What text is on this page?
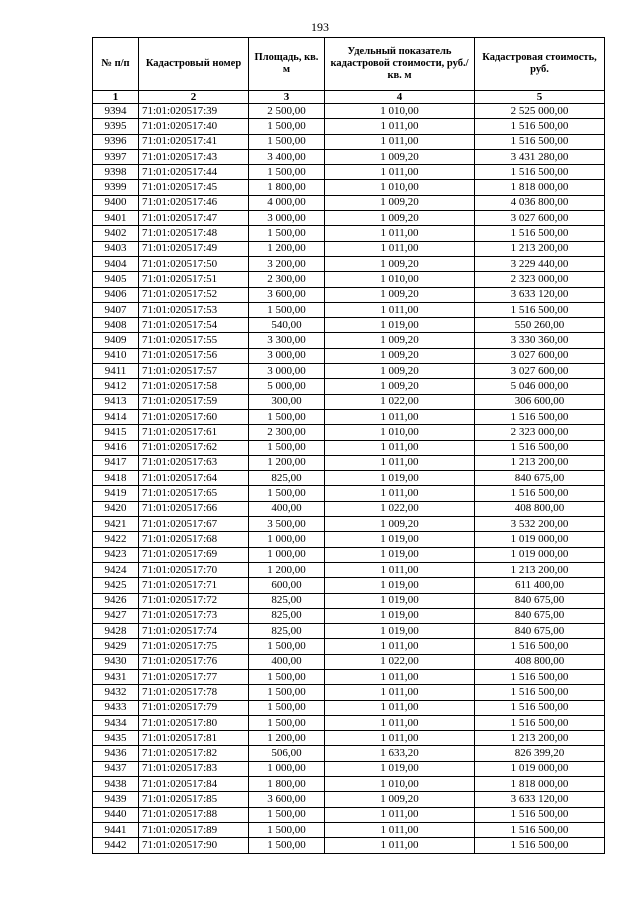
193
№ п/п	Кадастровый номер	Площадь, кв. м	Удельный показатель кадастровой стоимости, руб./кв. м	Кадастровая стоимость, руб.
1	2	3	4	5
9394	71:01:020517:39	2 500,00	1 010,00	2 525 000,00
9395	71:01:020517:40	1 500,00	1 011,00	1 516 500,00
9396	71:01:020517:41	1 500,00	1 011,00	1 516 500,00
9397	71:01:020517:43	3 400,00	1 009,20	3 431 280,00
9398	71:01:020517:44	1 500,00	1 011,00	1 516 500,00
9399	71:01:020517:45	1 800,00	1 010,00	1 818 000,00
9400	71:01:020517:46	4 000,00	1 009,20	4 036 800,00
9401	71:01:020517:47	3 000,00	1 009,20	3 027 600,00
9402	71:01:020517:48	1 500,00	1 011,00	1 516 500,00
9403	71:01:020517:49	1 200,00	1 011,00	1 213 200,00
9404	71:01:020517:50	3 200,00	1 009,20	3 229 440,00
9405	71:01:020517:51	2 300,00	1 010,00	2 323 000,00
9406	71:01:020517:52	3 600,00	1 009,20	3 633 120,00
9407	71:01:020517:53	1 500,00	1 011,00	1 516 500,00
9408	71:01:020517:54	540,00	1 019,00	550 260,00
9409	71:01:020517:55	3 300,00	1 009,20	3 330 360,00
9410	71:01:020517:56	3 000,00	1 009,20	3 027 600,00
9411	71:01:020517:57	3 000,00	1 009,20	3 027 600,00
9412	71:01:020517:58	5 000,00	1 009,20	5 046 000,00
9413	71:01:020517:59	300,00	1 022,00	306 600,00
9414	71:01:020517:60	1 500,00	1 011,00	1 516 500,00
9415	71:01:020517:61	2 300,00	1 010,00	2 323 000,00
9416	71:01:020517:62	1 500,00	1 011,00	1 516 500,00
9417	71:01:020517:63	1 200,00	1 011,00	1 213 200,00
9418	71:01:020517:64	825,00	1 019,00	840 675,00
9419	71:01:020517:65	1 500,00	1 011,00	1 516 500,00
9420	71:01:020517:66	400,00	1 022,00	408 800,00
9421	71:01:020517:67	3 500,00	1 009,20	3 532 200,00
9422	71:01:020517:68	1 000,00	1 019,00	1 019 000,00
9423	71:01:020517:69	1 000,00	1 019,00	1 019 000,00
9424	71:01:020517:70	1 200,00	1 011,00	1 213 200,00
9425	71:01:020517:71	600,00	1 019,00	611 400,00
9426	71:01:020517:72	825,00	1 019,00	840 675,00
9427	71:01:020517:73	825,00	1 019,00	840 675,00
9428	71:01:020517:74	825,00	1 019,00	840 675,00
9429	71:01:020517:75	1 500,00	1 011,00	1 516 500,00
9430	71:01:020517:76	400,00	1 022,00	408 800,00
9431	71:01:020517:77	1 500,00	1 011,00	1 516 500,00
9432	71:01:020517:78	1 500,00	1 011,00	1 516 500,00
9433	71:01:020517:79	1 500,00	1 011,00	1 516 500,00
9434	71:01:020517:80	1 500,00	1 011,00	1 516 500,00
9435	71:01:020517:81	1 200,00	1 011,00	1 213 200,00
9436	71:01:020517:82	506,00	1 633,20	826 399,20
9437	71:01:020517:83	1 000,00	1 019,00	1 019 000,00
9438	71:01:020517:84	1 800,00	1 010,00	1 818 000,00
9439	71:01:020517:85	3 600,00	1 009,20	3 633 120,00
9440	71:01:020517:88	1 500,00	1 011,00	1 516 500,00
9441	71:01:020517:89	1 500,00	1 011,00	1 516 500,00
9442	71:01:020517:90	1 500,00	1 011,00	1 516 500,00
